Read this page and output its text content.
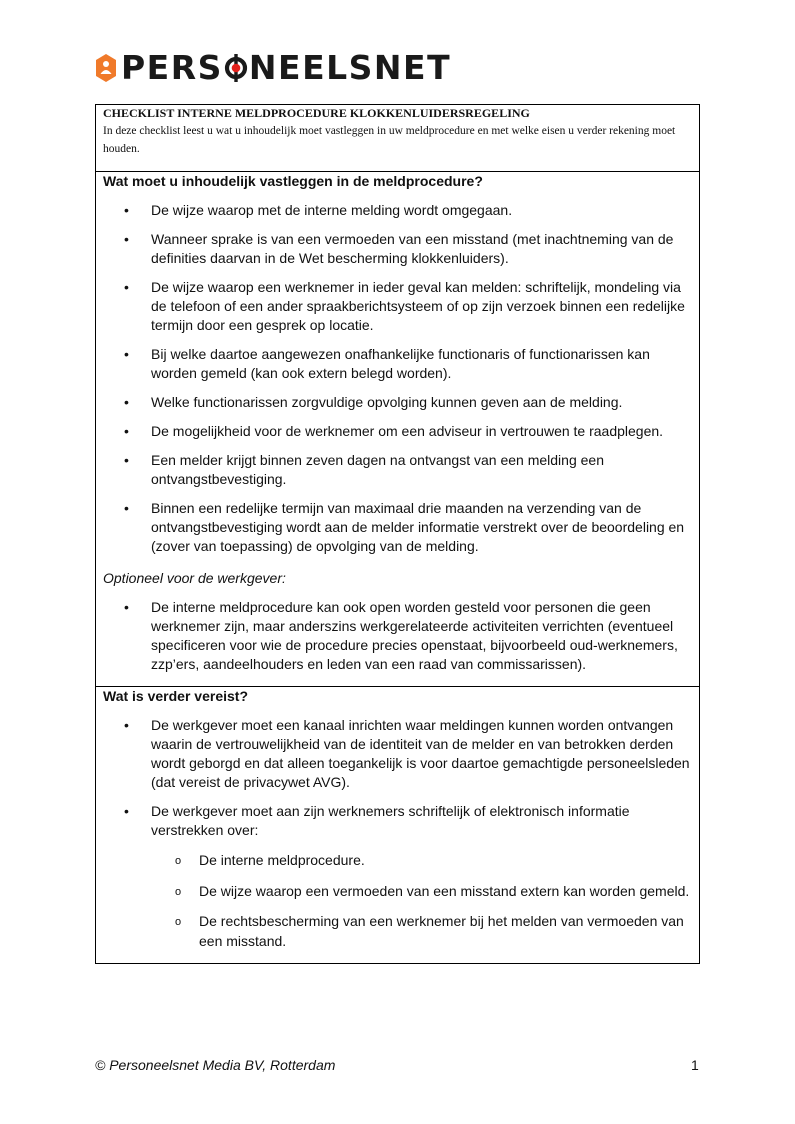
PERS NEELSNET
CHECKLIST INTERNE MELDPROCEDURE KLOKKENLUIDERSREGELING
In deze checklist leest u wat u inhoudelijk moet vastleggen in uw meldprocedure en met welke eisen u verder rekening moet houden.
Wat moet u inhoudelijk vastleggen in de meldprocedure?
• De wijze waarop met de interne melding wordt omgegaan.
• Wanneer sprake is van een vermoeden van een misstand (met inachtneming van de definities daarvan in de Wet bescherming klokkenluiders).
• De wijze waarop een werknemer in ieder geval kan melden: schriftelijk, mondeling via de telefoon of een ander spraakberichtsysteem of op zijn verzoek binnen een redelijke termijn door een gesprek op locatie.
• Bij welke daartoe aangewezen onafhankelijke functionaris of functionarissen kan worden gemeld (kan ook extern belegd worden).
• Welke functionarissen zorgvuldige opvolging kunnen geven aan de melding.
• De mogelijkheid voor de werknemer om een adviseur in vertrouwen te raadplegen.
• Een melder krijgt binnen zeven dagen na ontvangst van een melding een ontvangstbevestiging.
• Binnen een redelijke termijn van maximaal drie maanden na verzending van de ontvangstbevestiging wordt aan de melder informatie verstrekt over de beoordeling en (zover van toepassing) de opvolging van de melding.
Optioneel voor de werkgever:
• De interne meldprocedure kan ook open worden gesteld voor personen die geen werknemer zijn, maar anderszins werkgerelateerde activiteiten verrichten (eventueel specificeren voor wie de procedure precies openstaat, bijvoorbeeld oud-werknemers, zzp’ers, aandeelhouders en leden van een raad van commissarissen).
Wat is verder vereist?
• De werkgever moet een kanaal inrichten waar meldingen kunnen worden ontvangen waarin de vertrouwelijkheid van de identiteit van de melder en van betrokken derden wordt geborgd en dat alleen toegankelijk is voor daartoe gemachtigde personeelsleden (dat vereist de privacywet AVG).
• De werkgever moet aan zijn werknemers schriftelijk of elektronisch informatie verstrekken over:
o De interne meldprocedure.
o De wijze waarop een vermoeden van een misstand extern kan worden gemeld.
o De rechtsbescherming van een werknemer bij het melden van vermoeden van een misstand.
© Personeelsnet Media BV, Rotterdam	1
